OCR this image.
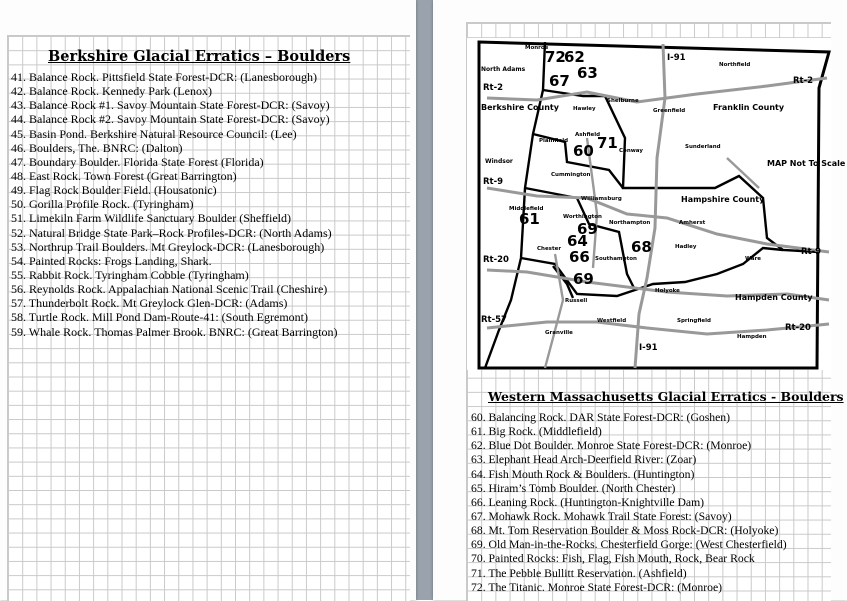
Berkshire Glacial Erratics – Boulders
41. Balance Rock. Pittsfield State Forest-DCR: (Lanesborough)
42. Balance Rock. Kennedy Park (Lenox)
43. Balance Rock #1. Savoy Mountain State Forest-DCR: (Savoy)
44. Balance Rock #2. Savoy Mountain State Forest-DCR: (Savoy)
45. Basin Pond. Berkshire Natural Resource Council: (Lee)
46. Boulders, The. BNRC: (Dalton)
47. Boundary Boulder. Florida State Forest (Florida)
48. East Rock. Town Forest (Great Barrington)
49. Flag Rock Boulder Field. (Housatonic)
50. Gorilla Profile Rock. (Tyringham)
51. Limekiln Farm Wildlife Sanctuary Boulder (Sheffield)
52. Natural Bridge State Park–Rock Profiles-DCR: (North Adams)
53. Northrup Trail Boulders. Mt Greylock-DCR: (Lanesborough)
54. Painted Rocks: Frogs Landing, Shark.
55. Rabbit Rock. Tyringham Cobble (Tyringham)
56. Reynolds Rock. Appalachian National Scenic Trail (Cheshire)
57. Thunderbolt Rock. Mt Greylock Glen-DCR: (Adams)
58. Turtle Rock. Mill Pond Dam-Route-41: (South Egremont)
59. Whale Rock. Thomas Palmer Brook. BNRC: (Great Barrington)
Berkshire County	Franklin County
Hampshire County
Hampden County
MAP Not To Scale
I-91
Rt-2
Rt-2
Rt-9
Rt-9
Rt-20
Rt-20
Rt-57
I-91
Monroe
North Adams
Northfield
Hawley
Shelburne
Greenfield
Ashfield
Plainfield
Conway
Sunderland
Windsor
Cummington
Williamsburg
Middlefield
Worthington
Northampton	Amherst
Chester	Hadley
Southampton	Ware
Holyoke
Russell
Westfield
Granville
Springfield
Hampden
72
62
63
67
71
60
61
69
64
66
68
69
Western Massachusetts Glacial Erratics - Boulders
60. Balancing Rock. DAR State Forest-DCR: (Goshen)
61. Big Rock. (Middlefield)
62. Blue Dot Boulder. Monroe State Forest-DCR: (Monroe)
63. Elephant Head Arch-Deerfield River: (Zoar)
64. Fish Mouth Rock & Boulders. (Huntington)
65. Hiram’s Tomb Boulder. (North Chester)
66. Leaning Rock. (Huntington-Knightville Dam)
67. Mohawk Rock. Mohawk Trail State Forest: (Savoy)
68. Mt. Tom Reservation Boulder & Moss Rock-DCR: (Holyoke)
69. Old Man-in-the-Rocks. Chesterfield Gorge: (West Chesterfield)
70. Painted Rocks: Fish, Flag, Fish Mouth, Rock, Bear Rock
71. The Pebble Bullitt Reservation. (Ashfield)
72. The Titanic. Monroe State Forest-DCR: (Monroe)
